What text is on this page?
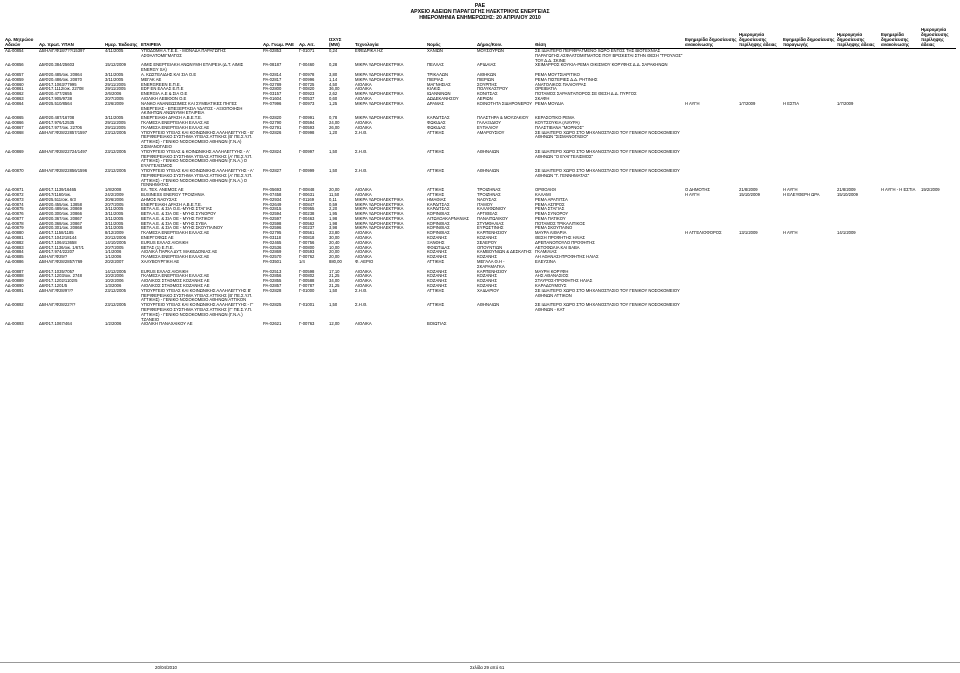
ΡΑΕ
ΑΡΧΕΙΟ ΑΔΕΙΩΝ ΠΑΡΑΓΩΓΗΣ ΗΛΕΚΤΡΙΚΗΣ ΕΝΕΡΓΕΙΑΣ
ΗΜΕΡΟΜΗΝΙΑ ΕΝΗΜΕΡΩΣΗΣ: 20 ΑΠΡΙΛΙΟΥ 2010
Αρ. Μητρώου Αδειών	Αρ. πρωτ. ΥΠΑΝ	Ημερ. Έκδοσης	ΕΤΑΙΡΕΙΑ	Αρ. Γνωμ. ΡΑΕ	Αρ. Αιτ.	ΙΣΧΥΣ (MW)	Τεχνολογία	Νομός	Δήμος/Κοιν.	Θέση	Εφημερίδα δημοσίευσης ανακοίνωσης	Ημερομηνία δημοσίευσης περίληψης άδειας	Εφημερίδα δημοσίευσης παραγωγής	Ημερομηνία δημοσίευσης περίληψης άδειας	Εφημερίδα δημοσίευσης ανακοίνωσης	Ημερομηνία δημοσίευσης περίληψης άδειας
ΑΔ-00854	Δ5/ΗΛ/Γ/Φ18/7??/15397	4/11/2005	ΥΠΟΔΟΜΗ Α.Τ.Ε.Ε. - ΜΟΝΑΔΑ ΠΑΡΑΓΩΓΗΣ ΑΣΦΑΛΤΟΜΙΓΜΑΤΟΣ	ΡΑ-02853	Γ-01071	0,24	ΕΦΕΔΡΙΚΑ ΗΖ	ΧΑΝΙΩΝ	ΜΟΥΣΟΥΡΩΝ	ΣΕ ΙΔΙΑΙΤΕΡΟ ΠΕΡΙΦΡΑΓΜΕΝΟ ΧΩΡΟ ΕΝΤΟΣ ΤΗΣ ΒΙΟΤΕΧΝΙΑΣ ΠΑΡΑΓΩΓΗΣ ΑΣΦΑΛΤΟΜΙΓΜΑΤΟΣ ΠΟΥ ΒΡΙΣΚΕΤΑΙ ΣΤΗΝ ΘΕΣΗ "ΤΡΟΥΛΟΣ" ΤΟΥ Δ.Δ. ΣΚΙΝΕ						
ΑΔ-00856	Δ5/Φ20.384/25603	15/12/2009	ΑΙΜΙΣ ΕΝΕΡΓΕΙΑΚΗ ΑΝΩΝΥΜΗ ΕΤΑΙΡΕΙΑ (Δ.Τ. ΑΙΜΙΣ ENERGY SA)	ΡΑ-08187	Γ-00460	0,28	ΜΙΚΡΑ ΥΔΡΟΗΛΕΚΤΡΙΚΑ	ΠΕΛΛΑΣ	ΑΡΙΔΑΙΑΣ	ΧΕΙΜΑΡΡΟΣ ΚΟΥΚΙΑ-ΡΕΜΑ ΟΙΚΙΣΜΟΥ ΚΟΡΥΦΗΣ Δ.Δ. ΣΑΡΑΚΗΝΩΝ						
ΑΔ-00857	Δ6/Φ20.485/οικ. 20864	3/11/2005	Α. ΚΩΣΤΕΛΙΔΗΣ ΚΑΙ ΣΙΑ Ο.Ε	ΡΑ-02814	Γ-00978	3,80	ΜΙΚΡΑ ΥΔΡΟΗΛΕΚΤΡΙΚΑ	ΤΡΙΚΑΛΩΝ	ΑΙΘΗΚΩΝ	ΡΕΜΑ ΜΟΥΤΣΙΑΡΙΤΙΚΟ						
ΑΔ-00859	Δ6/Φ20.486/οικ. 20870	3/11/2005	ΜΕΓΑΚ ΑΕ	ΡΑ-02817	Γ-00996	1,14	ΜΙΚΡΑ ΥΔΡΟΗΛΕΚΤΡΙΚΑ	ΠΙΕΡΙΑΣ	ΠΙΕΡΙΩΝ	ΡΕΜΑ ΠΙΣΤΕΡΙΕΣ Δ.Δ. ΡΗΤΙΝΗΣ						
ΑΔ-00860	Δ6/Φ17.1063/77995	29/11/2005	ENERGREEN Ε.Π.Ε.	ΡΑ-02789	Γ-00725	4,50	ΑΙΟΛΙΚΑ	ΜΑΓΝΗΣΙΑΣ	ΣΟΥΡΠΗΣ	ΑΝΑΤΟΛΙΚΟΣ ΠΑΛΙΟΥΡΑΣ						
ΑΔ-00861	Δ6/Φ17.1112/οικ. 22708	29/11/2005	EDF EN ΕΛΛΑΣ Ε.Π.Ε	ΡΑ-02800	Γ-00820	36,00	ΑΙΟΛΙΚΑ	ΚΙΛΚΙΣ	ΠΟΛΥΚΑΣΤΡΟΥ	ΟΡΕΙΒΑΤΙΑ						
ΑΔ-00862	Δ6/Φ20.477/2655	2/6/2006	ENERGIA Α.Ε & ΣΙΑ Ο.Ε	ΡΑ-03157	Γ-00923	2,62	ΜΙΚΡΑ ΥΔΡΟΗΛΕΚΤΡΙΚΑ	ΙΩΑΝΝΙΝΩΝ	ΚΟΝΙΤΣΑΣ	ΠΟΤΑΜΟΣ ΣΑΡΑΝΤΑΠΟΡΟΣ ΣΕ ΘΕΣΗ Δ.Δ. ΠΥΡΓΟΣ						
ΑΔ-00863	Δ6/Φ17.905/9738	20/7/2005	ΑΙΟΛΙΚΗ ΛΕΒΙΘΟΝ Ο.Ε	ΡΑ-01604	Γ-00537	0,60	ΑΙΟΛΙΚΑ	ΔΩΔΕΚΑΝΗΣΟΥ	ΛΕΡΙΩΝ	ΣΚΑΦΗ						
ΑΔ-00864	Δ6/Φ25.510/8564	23/6/2009	ΝΑΝΚΟ ΑΝΑΝΕΩΣΙΜΕΣ ΚΑΙ ΣΥΜΒΑΤΙΚΕΣ ΠΗΓΕΣ ΕΝΕΡΓΕΙΑΣ - ΕΠΕΞΕΡΓΑΣΙΑ ΥΔΑΤΟΣ - ΑΞΙΟΠΟΙΗΣΗ ΑΚΙΝΗΤΩΝ ΑΝΩΝΥΜΗ ΕΤΑΙΡΕΙΑ	ΡΑ-07996	Γ-00973	1,25	ΜΙΚΡΑ ΥΔΡΟΗΛΕΚΤΡΙΚΑ	ΔΡΑΜΑΣ	ΚΟΙΝΟΤΗΤΑ ΣΙΔΗΡΟΝΕΡΟΥ	ΡΕΜΑ ΜΟΥΔΙΑ	Η ΑΥΓΗ	1/7/2009	Η ΕΣΤΙΑ	1/7/2009		
ΑΔ-00865	Δ6/Φ20.487/16708	3/11/2005	ΕΝΕΡΓΕΙΑΚΗ ΔΡΑΣΗ Α.Β.Ε.Τ.Ε.	ΡΑ-02820	Γ-00991	0,78	ΜΙΚΡΑ ΥΔΡΟΗΛΕΚΤΡΙΚΑ	ΚΑΡΔΙΤΣΑΣ	ΠΛΑΣΤΗΡΑ & ΜΟΥΖΑΚΙΟΥ	ΚΕΡΑΣΟΤΙΚΟ ΡΕΜΑ						
ΑΔ-00866	Δ6/Φ17.976/12535	29/11/2005	ΓΚΑΜΕΣΑ ΕΝΕΡΓΕΙΑΚΗ ΕΛΛΑΣ ΑΕ	ΡΑ-02790	Γ-00594	24,00	ΑΙΟΛΙΚΑ	ΦΩΚΙΔΑΣ	ΓΑΛΑΞΙΔΙΟΥ	ΚΟΥΤΣΟΥΚΙΑ (ΛΙΛΥΡΑ)						
ΑΔ-00867	Δ6/Φ17.977/οικ. 22706	29/11/2005	ΓΚΑΜΕΣΑ ΕΝΕΡΓΕΙΑΚΗ ΕΛΛΑΣ ΑΕ	ΡΑ-02791	Γ-00593	26,00	ΑΙΟΛΙΚΑ	ΦΩΚΙΔΑΣ	ΕΥΠΑΛΙΟΥ	ΠΛΑΣΤΙΒΑΝΑ "ΜΟΡΝΟΣ"						
ΑΔ-00868	Δ5/ΗΛ/Γ/Φ28/22857/1597	23/12/2005	ΥΠΟΥΡΓΕΙΟ ΥΓΕΙΑΣ ΚΑΙ ΚΟΙΝΩΝΙΚΗΣ ΑΛΛΗΛΕΓΓΥΗΣ - Β' ΠΕΡΙΦΕΡΕΙΑΚΟ ΣΥΣΤΗΜΑ ΥΓΕΙΑΣ ΑΤΤΙΚΗΣ (Β' ΠΕ.Σ.Υ.Π. ΑΤΤΙΚΗΣ) - ΓΕΝΙΚΟ ΝΟΣΟΚΟΜΕΙΟ ΑΘΗΝΩΝ (Γ.Ν.Α) ΣΙΣΜΑΝΟΓΛΕΙΟ	ΡΑ-02826	Γ-00998	1,20	Σ.Η.Θ.	ΑΤΤΙΚΗΣ	ΑΜΑΡΟΥΣΙΟΥ	ΣΕ ΙΔΙΑΙΤΕΡΟ ΧΩΡΟ ΣΤΟ ΜΗΧΑΝΟΣΤΑΣΙΟ ΤΟΥ ΓΕΝΙΚΟΥ ΝΟΣΟΚΟΜΕΙΟΥ ΑΘΗΝΩΝ "ΣΙΣΜΑΝΟΓΛΕΙΟ"						
ΑΔ-00869	Δ5/ΗΛ/Γ/Φ28/22724/1497	23/12/2005	ΥΠΟΥΡΓΕΙΟ ΥΓΕΙΑΣ & ΚΟΙΝΩΝΙΚΗΣ ΑΛΛΗΛΕΓΓΥΗΣ - Α' ΠΕΡΙΦΕΡΕΙΑΚΟ ΣΥΣΤΗΜΑ ΥΓΕΙΑΣ ΑΤΤΙΚΗΣ (Α' ΠΕ.Σ.Υ.Π. ΑΤΤΙΚΗΣ) - ΓΕΝΙΚΟ ΝΟΣΟΚΟΜΕΙΟ ΑΘΗΝΩΝ (Γ.Ν.Α.) Ο ΕΥΑΓΓΕΛΙΣΜΟΣ	ΡΑ-02824	Γ-00997	1,50	Σ.Η.Θ.	ΑΤΤΙΚΗΣ	ΑΘΗΝΑΙΩΝ	ΣΕ ΙΔΙΑΙΤΕΡΟ ΧΩΡΟ ΣΤΟ ΜΗΧΑΝΟΣΤΑΣΙΟ ΤΟΥ ΓΕΝΙΚΟΥ ΝΟΣΟΚΟΜΕΙΟΥ ΑΘΗΝΩΝ "Ο ΕΥΑΓΓΕΛΙΣΜΟΣ"						
ΑΔ-00870	Δ5/ΗΛ/Γ/Φ28/22856/1596	23/12/2005	ΥΠΟΥΡΓΕΙΟ ΥΓΕΙΑΣ ΚΑΙ ΚΟΙΝΩΝΙΚΗΣ ΑΛΛΗΛΕΓΓΥΗΣ - Α' ΠΕΡΙΦΕΡΕΙΑΚΟ ΣΥΣΤΗΜΑ ΥΓΕΙΑΣ ΑΤΤΙΚΗΣ (Α' ΠΕ.Σ.Υ.Π. ΑΤΤΙΚΗΣ) - ΓΕΝΙΚΟ ΝΟΣΟΚΟΜΕΙΟ ΑΘΗΝΩΝ (Γ.Ν.Α.) Ο ΓΕΝΝΗΜΑΤΑΣ	ΡΑ-02827	Γ-00999	1,50	Σ.Η.Θ.	ΑΤΤΙΚΗΣ	ΑΘΗΝΑΙΩΝ	ΣΕ ΙΔΙΑΙΤΕΡΟ ΧΩΡΟ ΣΤΟ ΜΗΧΑΝΟΣΤΑΣΙΟ ΤΟΥ ΓΕΝΙΚΟΥ ΝΟΣΟΚΟΜΕΙΟΥ ΑΘΗΝΩΝ "Γ. ΓΕΝΝΗΜΑΤΑΣ"						
ΑΔ-00871	Δ6/Φ17.1139/16465	1/8/2008	ΕΛ. ΤΕΧ. ΑΝΕΜΟΣ ΑΕ	ΡΑ-05693	Γ-00848	20,00	ΑΙΟΛΙΚΑ	ΑΤΤΙΚΗΣ	ΤΡΟΙΖΗΝΑΣ	ΟΡΘΟΛΙΘΙ	Ο ΔΗΜΟΤΗΣ	21/8/2009	Η ΑΥΓΗ	21/8/2009	Η ΑΥΓΗ - Η ΕΣΤΙΑ	19/2/2009
ΑΔ-00872	Δ6/Φ17/1160/οικ.	24/2/2009	BUSINESS ENERGY ΤΡΟΙΖΗΝΙΑ	ΡΑ-07458	Γ-00631	11,50	ΑΙΟΛΙΚΑ	ΑΤΤΙΚΗΣ	ΤΡΟΙΖΗΝΑΣ	ΚΑΛΑΜΙ	Η ΑΥΓΗ	15/10/2009	Η ΕΛΕΥΘΕΡΗ ΩΡΑ	15/10/2009		
ΑΔ-00873	Δ6/Φ25.511/οικ. 6/3	30/6/2006	ΔΗΜΟΣ ΝΑΟΥΣΑΣ	ΡΑ-02934	Γ-01169	0,11	ΜΙΚΡΑ ΥΔΡΟΗΛΕΚΤΡΙΚΑ	ΗΜΑΘΙΑΣ	ΝΑΟΥΣΑΣ	ΡΕΜΑ ΑΡΑΠΙΤΣΑ						
ΑΔ-00874	Δ6/Φ20.455/οικ. 13858	20/7/2005	ΕΝΕΡΓΕΙΑΚΗ ΔΡΑΣΗ Α.Β.Ε.Τ.Ε.	ΡΑ-02649	Γ-00847	0,59	ΜΙΚΡΑ ΥΔΡΟΗΛΕΚΤΡΙΚΑ	ΚΑΡΔΙΤΣΑΣ	ΙΤΑΜΟΥ	ΡΕΜΑ ΑΣΠΡΟΣ						
ΑΔ-00875	Δ6/Φ20.489/οικ. 20869	3/11/2005	ΒΕΤΑ Α.Ε. & ΣΙΑ Ο.Ε.-ΜΥΗΣ ΣΤΑΓΙΑΣ	ΡΑ-02815	Γ-00955	2,20	ΜΙΚΡΑ ΥΔΡΟΗΛΕΚΤΡΙΚΑ	ΚΑΡΔΙΤΣΑΣ	ΚΑΛΛΙΦΩΝΙΟΥ	ΡΕΜΑ ΣΤΑΓΙΑΣ						
ΑΔ-00876	Δ6/Φ20.300/οικ. 20866	3/11/2005	ΒΕΤΑ Α.Ε. & ΣΙΑ ΟΕ - ΜΥΗΣ ΣΥΝΟΡΟΥ	ΡΑ-02594	Γ-00238	1,95	ΜΙΚΡΑ ΥΔΡΟΗΛΕΚΤΡΙΚΑ	ΚΟΡΙΝΘΙΑΣ	ΑΡΓΙΘΕΑΣ	ΡΕΜΑ ΣΥΝΟΡΟΥ						
ΑΔ-00877	Δ6/Φ20.367/οικ. 20867	3/11/2005	ΒΕΤΑ Α.Ε. & ΣΙΑ ΟΕ - ΜΥΗΣ ΠΑΤΙΚΟΥ	ΡΑ-02597	Γ-00463	1,98	ΜΙΚΡΑ ΥΔΡΟΗΛΕΚΤΡΙΚΑ	ΑΙΤΩΛΟΑΚΑΡΝΑΝΙΑΣ	ΠΑΝΑΙΤΩΛΙΚΟΥ	ΡΕΜΑ ΠΑΤΙΚΟΥ						
ΑΔ-00878	Δ6/Φ20.368/οικ. 20867	3/11/2005	ΒΕΤΑ Α.Ε. & ΣΙΑ ΟΕ - ΜΥΗΣ ΣΥΒΑ	ΡΑ-02598	Γ-00562	1,98	ΜΙΚΡΑ ΥΔΡΟΗΛΕΚΤΡΙΚΑ	ΚΟΡΙΝΘΙΑΣ	ΣΤΥΜΦΑΛΙΑΣ	ΠΟΤΑΜΟΣ ΤΡΙΚΑΛΙΤΙΚΟΣ						
ΑΔ-00879	Δ6/Φ20.301/οικ. 20868	3/11/2005	ΒΕΤΑ Α.Ε. & ΣΙΑ ΟΕ - ΜΥΗΣ ΣΚΟΥΠΑΙΝΟΥ	ΡΑ-02596	Γ-00237	3,98	ΜΙΚΡΑ ΥΔΡΟΗΛΕΚΤΡΙΚΑ	ΚΟΡΙΝΘΙΑΣ	ΕΥΡΩΣΤΙΝΗΣ	ΡΕΜΑ ΣΚΟΥΠΑΙΝΟ						
ΑΔ-00880	Δ6/Φ17.1158/1185	8/12/2009	ΓΚΑΜΕΣΑ ΕΝΕΡΓΕΙΑΚΗ ΕΛΛΑΣ ΑΕ	ΡΑ-02795	Γ-00561	23,80	ΑΙΟΛΙΚΑ	ΚΟΡΙΝΘΙΑΣ	ΚΑΡΠΕΝΗΣΙΟΥ	ΜΑΥΡΑ ΛΙΘΑΡΙΑ	Η ΑΓΓΕΛΙΟΦΟΡΟΣ	13/1/2009	Η ΑΥΓΗ	14/1/2009		
ΑΔ-00881	Δ6/Φ17.1042/18144	20/12/2006	ΕΝΕΡΓΟΦΩΣ ΑΕ	ΡΑ-03118	Γ-00818	30,00	ΑΙΟΛΙΚΑ	ΚΟΖΑΝΗΣ	ΚΟΖΑΝΗΣ	ΘΕΣΗ ΠΡΟΦΗΤΗΣ ΗΛΙΑΣ						
ΑΔ-00882	Δ6/Φ17.1064/13658	14/10/2005	EURUS ΕΛΛΑΣ ΑΙΟΛΙΚΗ	ΡΑ-02465	Γ-00756	20,40	ΑΙΟΛΙΚΑ	ΞΑΝΘΗΣ	ΣΕΛΕΡΟΥ	ΔΡΕΠΑΝΟΠΟΥΛΟ ΠΡΟΦΗΤΗΣ						
ΑΔ-00883	Δ6/Φ17.1136/οικ. 1/67/1	20/7/2005	ΒΕΤΑΣ (1) Ε.Π.Ε.	ΡΑ-02536	Γ-00800	10,00	ΑΙΟΛΙΚΑ	ΦΘΙΩΤΙΔΑΣ	ΟΠΟΥΝΤΙΩΝ	ΑΕΤΟΦΩΛΙΑ ΚΑΙ ΒΑΒΑ						
ΑΔ-00884	Δ6/Φ17.974/22207	1/1/2006	AIOΛIKA ΠΑΡΚΑ ΔΥΤ. ΜΑΚΕΔΟΝΙΑΣ ΑΕ	ΡΑ-02869	Γ-00593	20,00	ΑΙΟΛΙΚΑ	ΚΟΖΑΝΗΣ	ΚΑΜΒΟΥΝΙΩΝ & ΔΕΣΚΑΤΗΣ	ΓΚΑΜΙΛΙΑΣ						
ΑΔ-00885	Δ5/ΗΛ/Γ/Φ29/?	1/1/2006	ΓΚΑΜΕΣΑ ΕΝΕΡΓΕΙΑΚΗ ΕΛΛΑΣ ΑΕ	ΡΑ-02570	Γ-00762	20,00	ΑΙΟΛΙΚΑ	ΚΟΖΑΝΗΣ	ΚΟΖΑΝΗΣ	ΑΗ ΑΘΑΝΑΣΙ-ΠΡΟΦΗΤΗΣ ΗΛΙΑΣ						
ΑΔ-00886	Δ5/ΗΛ/Γ/Φ28/2857/769	20/2/2007	ΧΑΛΥΒΟΥΡΓΙΚΗ ΑΕ	ΡΑ-03501	1/4	880,00	Φ. ΑΕΡΙΟ	ΑΤΤΙΚΗΣ	ΜΕΓΑΛΑ Θ.Η - ΣΚΑΡΑΜΑΓΚΑ	ΕΛΕΥΣΙΝΑ						
ΑΔ-00887	Δ6/Φ17.1035/7057	14/12/2005	EURUS ΕΛΛΑΣ ΑΙΟΛΙΚΗ	ΡΑ-02513	Γ-00598	17,10	ΑΙΟΛΙΚΑ	ΚΟΖΑΝΗΣ	ΚΑΡΠΕΝΗΣΙΟΥ	ΜΑΥΡΗ ΚΟΡΥΦΗ						
ΑΔ-00888	Δ6/Φ17.1203/οικ. 2748	10/2/2006	ΓΚΑΜΕΣΑ ΕΝΕΡΓΕΙΑΚΗ ΕΛΛΑΣ ΑΕ	ΡΑ-02856	Γ-00802	21,25	ΑΙΟΛΙΚΑ	ΚΟΖΑΝΗΣ	ΚΟΖΑΝΗΣ	ΑΗΣ ΑΘΑΝΑΣΙΟΣ						
ΑΔ-00889	Δ6/Φ17.1202/1102/5	10/2/2006	ΑΙΟΛΙΚΟΣ ΣΤΑΘΜΟΣ ΚΟΖΑΝΗΣ ΑΕ	ΡΑ-02855	Γ-00588	34,00	ΑΙΟΛΙΚΑ	ΚΟΖΑΝΗΣ	ΚΟΖΑΝΗΣ	ΣΤΑΥΡΟΣ-ΠΡΟΦΗΤΗΣ ΗΛΙΑΣ						
ΑΔ-00890	Δ6/Φ17.1201/5	1/3/2006	ΑΙΟΛΙΚΟΣ ΣΤΑΘΜΟΣ ΚΟΖΑΝΗΣ ΑΕ	ΡΑ-02857	Γ-00787	21,25	ΑΙΟΛΙΚΑ	ΚΟΖΑΝΗΣ	ΚΟΖΑΝΗΣ	ΚΑΡΑΔΟΥΜΟΥΣ						
ΑΔ-00891	Δ5/ΗΛ/Γ/Φ28/9?/?	23/12/2005	ΥΠΟΥΡΓΕΙΟ ΥΓΕΙΑΣ ΚΑΙ ΚΟΙΝΩΝΙΚΗΣ ΑΛΛΗΛΕΓΓΥΗΣ Β' ΠΕΡΙΦΕΡΕΙΑΚΟ ΣΥΣΤΗΜΑ ΥΓΕΙΑΣ ΑΤΤΙΚΗΣ (Β' ΠΕ.Σ.Υ.Π. ΑΤΤΙΚΗΣ) - ΓΕΝΙΚΟ ΝΟΣΟΚΟΜΕΙΟ ΑΘΗΝΩΝ ΑΤΤΙΚΟΝ	ΡΑ-02828	Γ-01000	1,50	Σ.Η.Θ.	ΑΤΤΙΚΗΣ	ΧΑΙΔΑΡΙΟΥ	ΣΕ ΙΔΙΑΙΤΕΡΟ ΧΩΡΟ ΣΤΟ ΜΗΧΑΝΟΣΤΑΣΙΟ ΤΟΥ ΓΕΝΙΚΟΥ ΝΟΣΟΚΟΜΕΙΟΥ ΑΘΗΝΩΝ ΑΤΤΙΚΟΝ						
ΑΔ-00892	Δ5/ΗΛ/Γ/Φ28/22?/?	23/12/2005	ΥΠΟΥΡΓΕΙΟ ΥΓΕΙΑΣ ΚΑΙ ΚΟΙΝΩΝΙΚΗΣ ΑΛΛΗΛΕΓΓΥΗΣ - Γ' ΠΕΡΙΦΕΡΕΙΑΚΟ ΣΥΣΤΗΜΑ ΥΓΕΙΑΣ ΑΤΤΙΚΗΣ (Γ' ΠΕ.Σ.Υ.Π. ΑΤΤΙΚΗΣ) - ΓΕΝΙΚΟ ΝΟΣΟΚΟΜΕΙΟ ΑΘΗΝΩΝ (Γ.Ν.Α.) ΤΖΑΝΕΙΟ	ΡΑ-02825	Γ-01001	1,50	Σ.Η.Θ.	ΑΤΤΙΚΗΣ	ΑΘΗΝΑΙΩΝ	ΣΕ ΙΔΙΑΙΤΕΡΟ ΧΩΡΟ ΣΤΟ ΜΗΧΑΝΟΣΤΑΣΙΟ ΤΟΥ ΓΕΝΙΚΟΥ ΝΟΣΟΚΟΜΕΙΟΥ ΑΘΗΝΩΝ - ΚΑΤ						
ΑΔ-00893	Δ6/Φ17.1067/464	1/2/2006	ΑΙΟΛΙΚΗ ΠΑΝΑΧΑΙΚΟΥ ΑΕ	ΡΑ-02621	Γ-00763	12,00	ΑΙΟΛΙΚΑ	ΒΟΙΩΤΙΑΣ								
20/04/2010	Σελίδα 29 από 61
